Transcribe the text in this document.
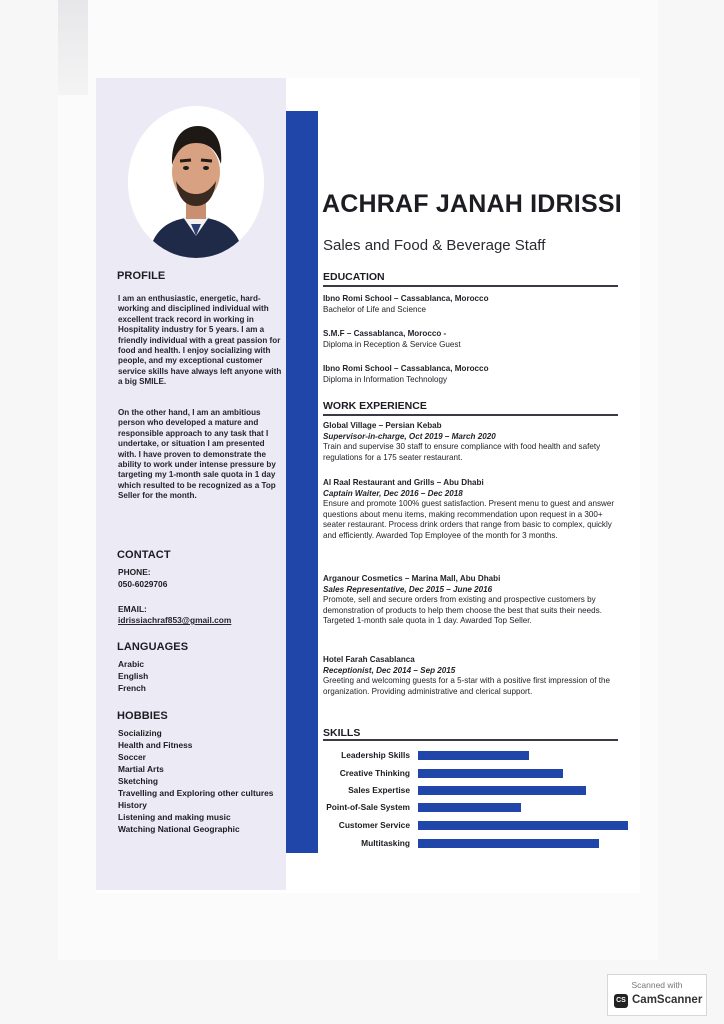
PROFILE
I am an enthusiastic, energetic, hard-working and disciplined individual with excellent track record in working in Hospitality industry for 5 years. I am a friendly individual with a great passion for food and health. I enjoy socializing with people, and my exceptional customer service skills have always left anyone with a big SMILE.
On the other hand, I am an ambitious person who developed a mature and responsible approach to any task that I undertake, or situation I am presented with. I have proven to demonstrate the ability to work under intense pressure by targeting my 1-month sale quota in 1 day which resulted to be recognized as a Top Seller for the month.
CONTACT
PHONE:
050-6029706
EMAIL:
idrissiachraf853@gmail.com
LANGUAGES
Arabic
English
French
HOBBIES
Socializing
Health and Fitness
Soccer
Martial Arts
Sketching
Travelling and Exploring other cultures
History
Listening and making music
Watching National Geographic
ACHRAF JANAH IDRISSI
Sales and Food & Beverage Staff
EDUCATION
Ibno Romi School – Cassablanca, Morocco
Bachelor of Life and Science
S.M.F – Cassablanca, Morocco -
Diploma in Reception & Service Guest
Ibno Romi School – Cassablanca, Morocco
Diploma in Information Technology
WORK EXPERIENCE
Global Village – Persian Kebab
Supervisor-in-charge, Oct 2019 – March 2020
Train and supervise 30 staff to ensure compliance with food health and safety regulations for a 175 seater restaurant.
Al Raal Restaurant and Grills – Abu Dhabi
Captain Waiter, Dec 2016 – Dec 2018
Ensure and promote 100% guest satisfaction. Present menu to guest and answer questions about menu items, making recommendation upon request in a 300+ seater restaurant. Process drink orders that range from basic to complex, quickly and efficiently. Awarded Top Employee of the month for 3 months.
Arganour Cosmetics – Marina Mall, Abu Dhabi
Sales Representative, Dec 2015 – June 2016
Promote, sell and secure orders from existing and prospective customers by demonstration of products to help them choose the best that suits their needs. Targeted 1-month sale quota in 1 day. Awarded Top Seller.
Hotel Farah Casablanca
Receptionist, Dec 2014 – Sep 2015
Greeting and welcoming guests for a 5-star with a positive first impression of the organization. Providing administrative and clerical support.
SKILLS
Leadership Skills
Creative Thinking
Sales Expertise
Point-of-Sale System
Customer Service
Multitasking
Scanned with
CS CamScanner
